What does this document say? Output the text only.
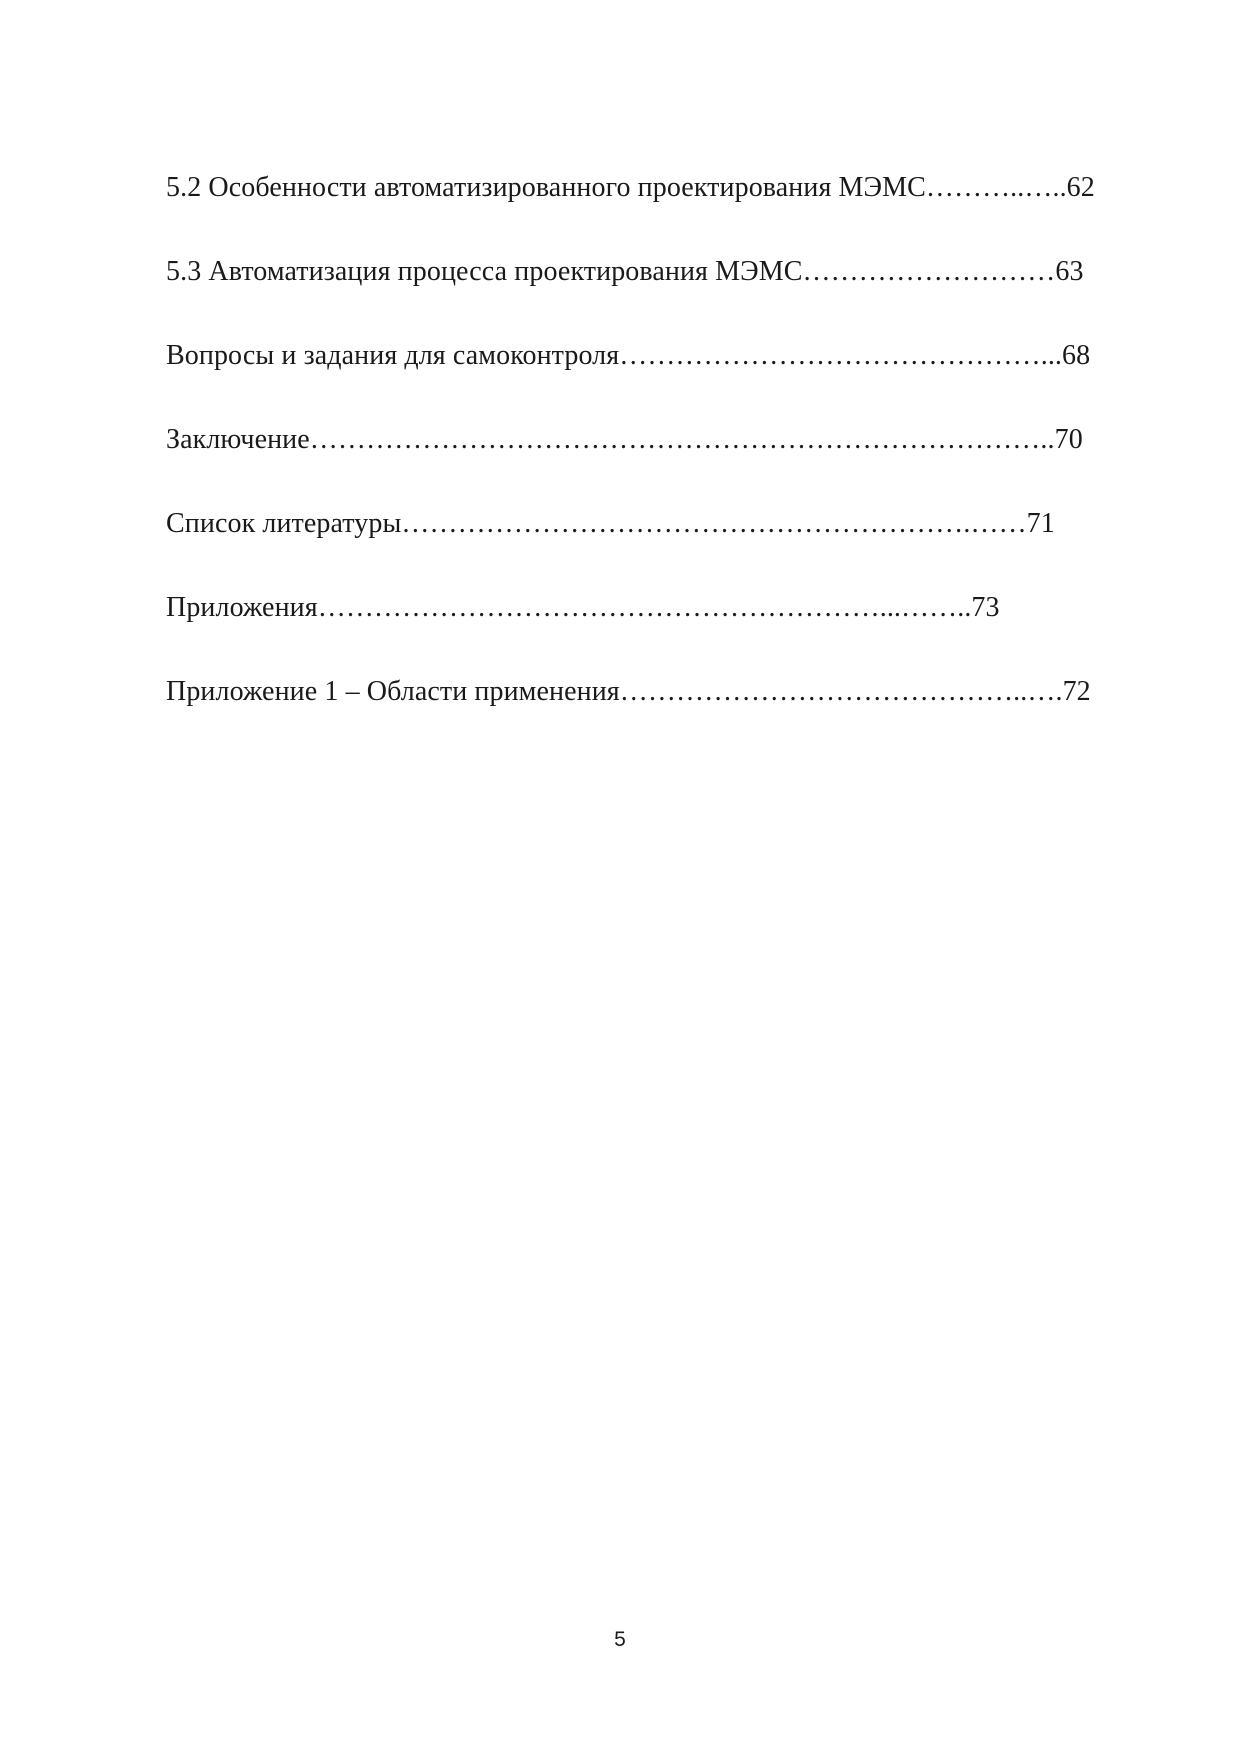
5.2 Особенности автоматизированного проектирования МЭМС………..…..62
5.3 Автоматизация процесса проектирования МЭМС………………………63
Вопросы и задания для самоконтроля………………………………………...68
Заключение……………………………………………………………………..70
Список литературы…………………………………………………….……71
Приложения……………………………………………………...……..73
Приложение 1 – Области применения……………………………………..….72
5
